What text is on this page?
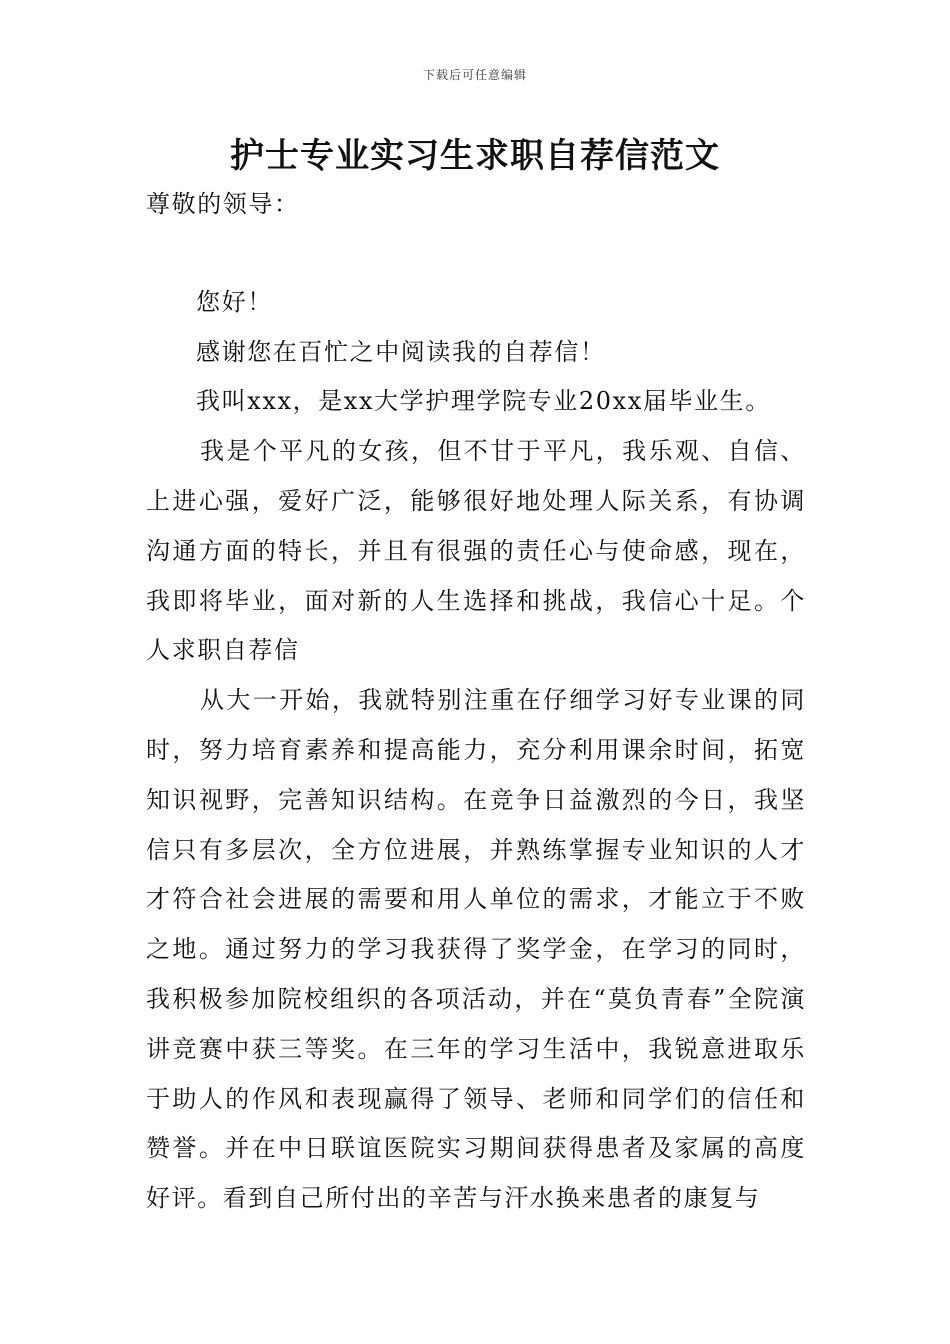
下载后可任意编辑
护士专业实习生求职自荐信范文

尊敬的领导：

您好！

感谢您在百忙之中阅读我的自荐信！

我叫xxx，是xx大学护理学院专业20xx届毕业生。

我是个平凡的女孩，但不甘于平凡，我乐观、自信、上进心强，爱好广泛，能够很好地处理人际关系，有协调沟通方面的特长，并且有很强的责任心与使命感，现在，我即将毕业，面对新的人生选择和挑战，我信心十足。个人求职自荐信

从大一开始，我就特别注重在仔细学习好专业课的同时，努力培育素养和提高能力，充分利用课余时间，拓宽知识视野，完善知识结构。在竞争日益激烈的今日，我坚信只有多层次，全方位进展，并熟练掌握专业知识的人才才符合社会进展的需要和用人单位的需求，才能立于不败之地。通过努力的学习我获得了奖学金，在学习的同时，我积极参加院校组织的各项活动，并在“莫负青春”全院演讲竞赛中获三等奖。在三年的学习生活中，我锐意进取乐于助人的作风和表现赢得了领导、老师和同学们的信任和赞誉。并在中日联谊医院实习期间获得患者及家属的高度好评。看到自己所付出的辛苦与汗水换来患者的康复与
